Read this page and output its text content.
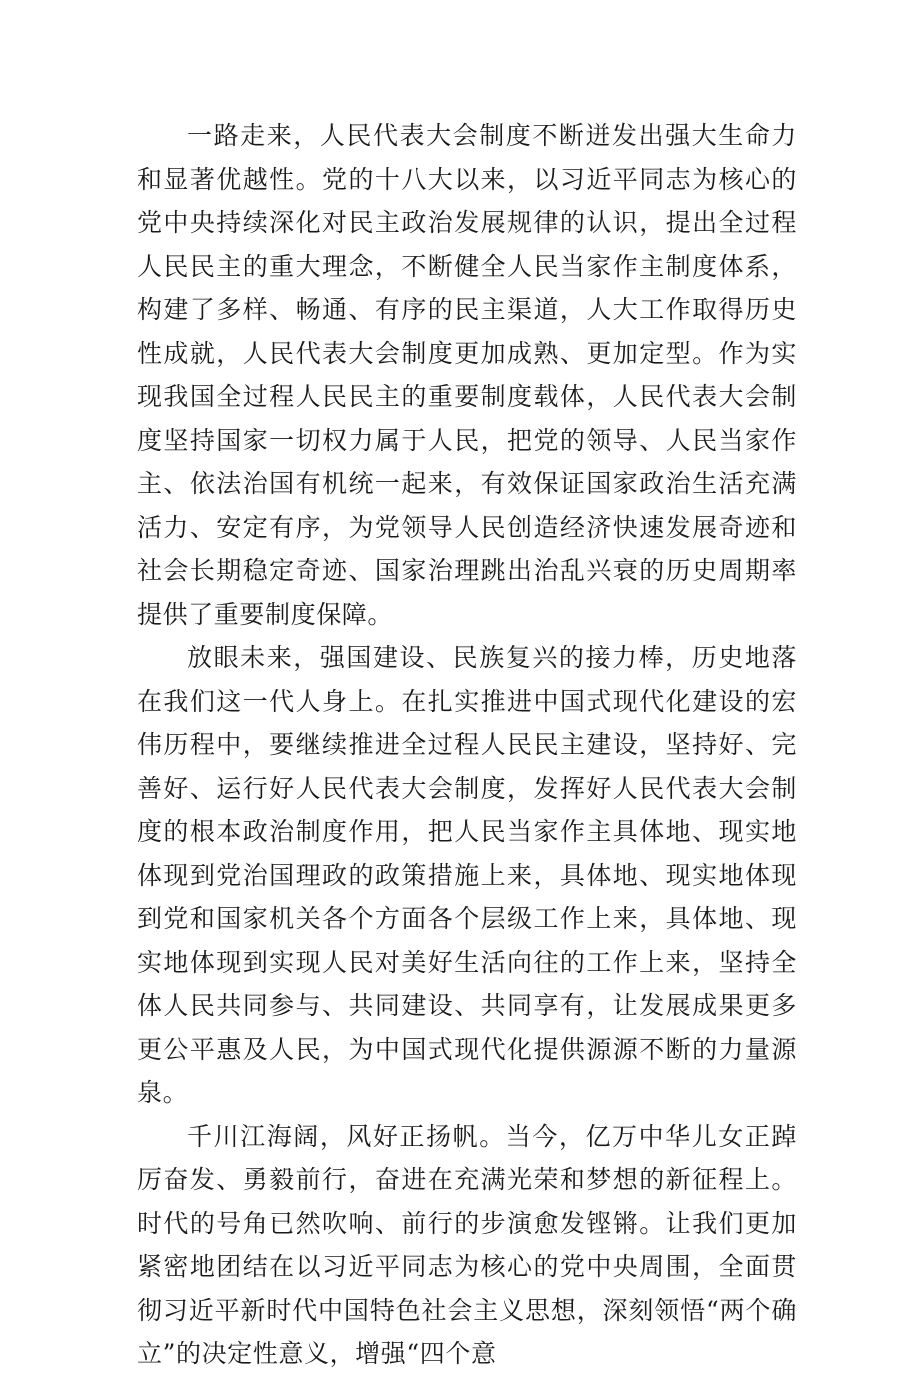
一路走来，人民代表大会制度不断迸发出强大生命力和显著优越性。党的十八大以来，以习近平同志为核心的党中央持续深化对民主政治发展规律的认识，提出全过程人民民主的重大理念，不断健全人民当家作主制度体系，构建了多样、畅通、有序的民主渠道，人大工作取得历史性成就，人民代表大会制度更加成熟、更加定型。作为实现我国全过程人民民主的重要制度载体，人民代表大会制度坚持国家一切权力属于人民，把党的领导、人民当家作主、依法治国有机统一起来，有效保证国家政治生活充满活力、安定有序，为党领导人民创造经济快速发展奇迹和社会长期稳定奇迹、国家治理跳出治乱兴衰的历史周期率提供了重要制度保障。

放眼未来，强国建设、民族复兴的接力棒，历史地落在我们这一代人身上。在扎实推进中国式现代化建设的宏伟历程中，要继续推进全过程人民民主建设，坚持好、完善好、运行好人民代表大会制度，发挥好人民代表大会制度的根本政治制度作用，把人民当家作主具体地、现实地体现到党治国理政的政策措施上来，具体地、现实地体现到党和国家机关各个方面各个层级工作上来，具体地、现实地体现到实现人民对美好生活向往的工作上来，坚持全体人民共同参与、共同建设、共同享有，让发展成果更多更公平惠及人民，为中国式现代化提供源源不断的力量源泉。

千川江海阔，风好正扬帆。当今，亿万中华儿女正踔厉奋发、勇毅前行，奋进在充满光荣和梦想的新征程上。时代的号角已然吹响、前行的步演愈发铿锵。让我们更加紧密地团结在以习近平同志为核心的党中央周围，全面贯彻习近平新时代中国特色社会主义思想，深刻领悟“两个确立”的决定性意义，增强“四个意
